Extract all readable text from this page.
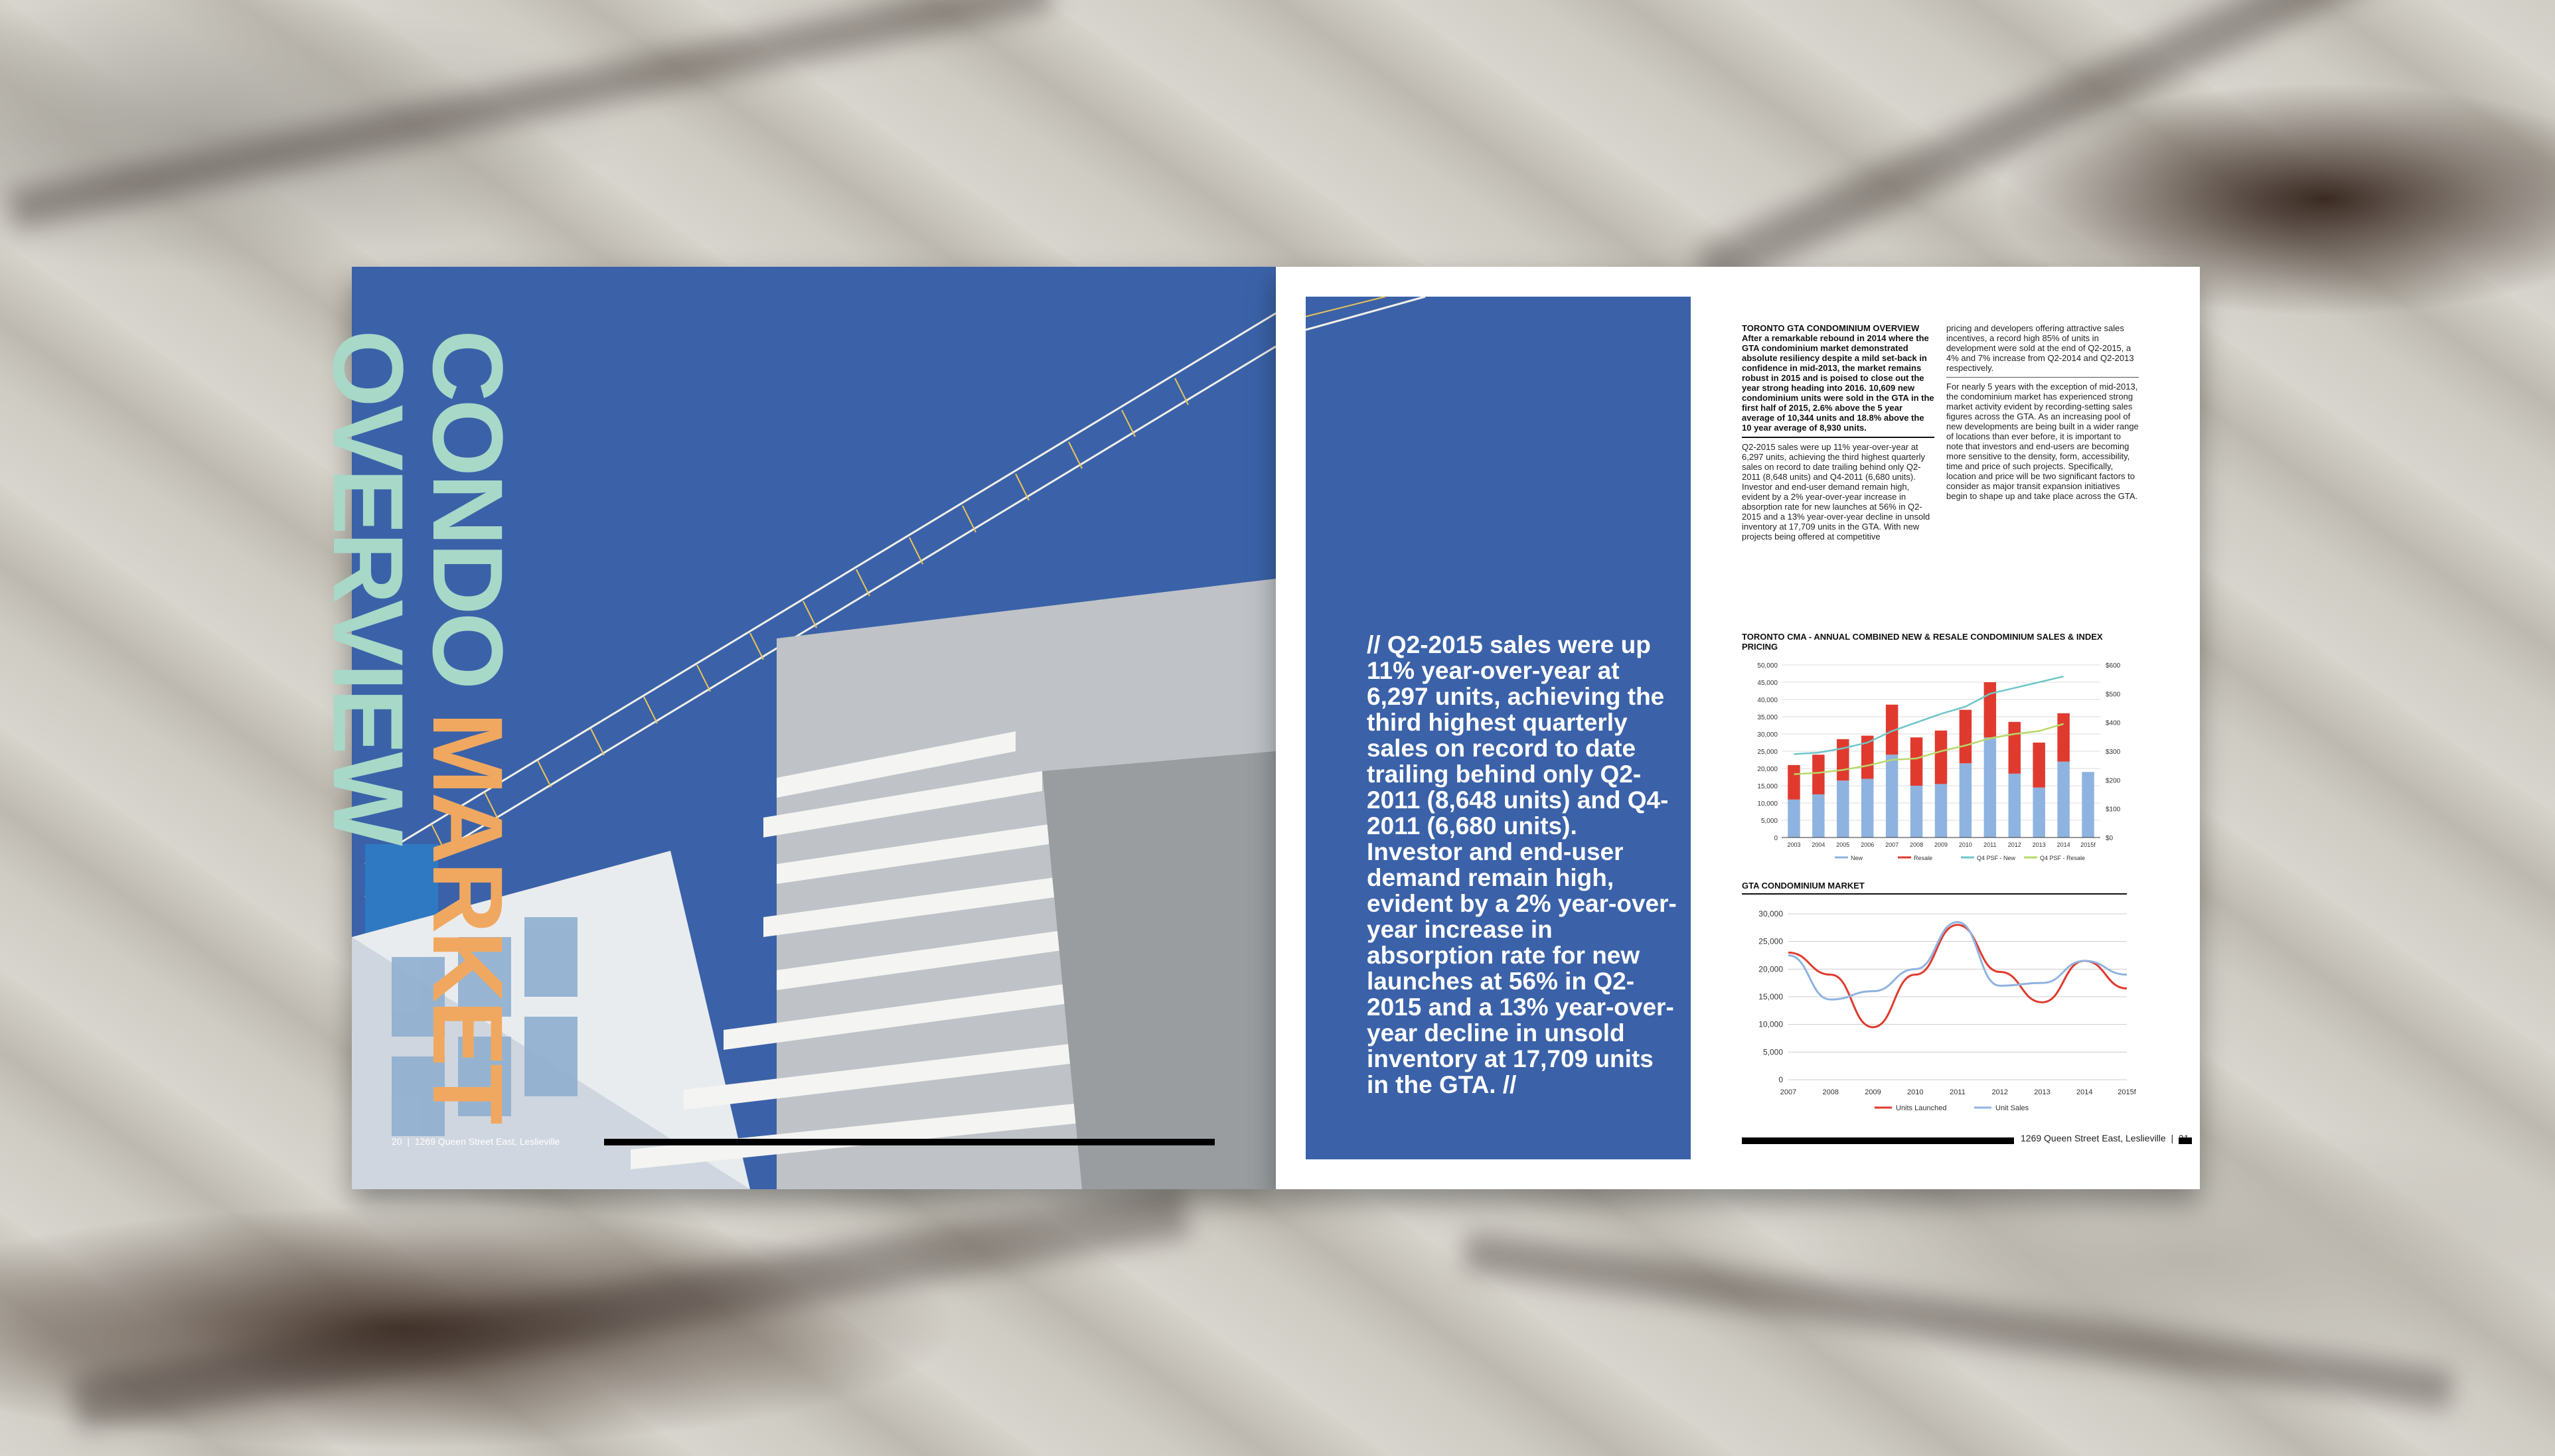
CONDO MARKET
OVERVIEW
20  |  1269 Queen Street East, Leslieville
// Q2-2015 sales were up 11% year-over-year at 6,297 units, achieving the third highest quarterly sales on record to date trailing behind only Q2-2011 (8,648 units) and Q4-2011 (6,680 units). Investor and end-user demand remain high, evident by a 2% year-over-year increase in absorption rate for new launches at 56% in Q2-2015 and a 13% year-over-year decline in unsold inventory at 17,709 units in the GTA. //
TORONTO GTA CONDOMINIUM OVERVIEW
After a remarkable rebound in 2014 where the GTA condominium market demonstrated absolute resiliency despite a mild set-back in confidence in mid-2013, the market remains robust in 2015 and is poised to close out the year strong heading into 2016. 10,609 new condominium units were sold in the GTA in the first half of 2015, 2.6% above the 5 year average of 10,344 units and 18.8% above the 10 year average of 8,930 units.
Q2-2015 sales were up 11% year-over-year at 6,297 units, achieving the third highest quarterly sales on record to date trailing behind only Q2-2011 (8,648 units) and Q4-2011 (6,680 units). Investor and end-user demand remain high, evident by a 2% year-over-year increase in absorption rate for new launches at 56% in Q2-2015 and a 13% year-over-year decline in unsold inventory at 17,709 units in the GTA. With new projects being offered at competitive
pricing and developers offering attractive sales incentives, a record high 85% of units in development were sold at the end of Q2-2015, a 4% and 7% increase from Q2-2014 and Q2-2013 respectively.
For nearly 5 years with the exception of mid-2013, the condominium market has experienced strong market activity evident by recording-setting sales figures across the GTA. As an increasing pool of new developments are being built in a wider range of locations than ever before, it is important to note that investors and end-users are becoming more sensitive to the density, form, accessibility, time and price of such projects. Specifically, location and price will be two significant factors to consider as major transit expansion initiatives begin to shape up and take place across the GTA.
TORONTO CMA - ANNUAL COMBINED NEW & RESALE CONDOMINIUM SALES & INDEX PRICING
0
5,000
10,000
15,000
20,000
25,000
30,000
35,000
40,000
45,000
50,000
$0
$100
$200
$300
$400
$500
$600
2003 2004 2005 2006 2007 2008 2009 2010 2011 2012 2013 2014 2015f
New	Resale	Q4 PSF - New	Q4 PSF - Resale
GTA CONDOMINIUM MARKET
0
5,000
10,000
15,000
20,000
25,000
30,000
2007	2008	2009	2010	2011	2012	2013	2014	2015f
Units Launched	Unit Sales
1269 Queen Street East, Leslieville  |
